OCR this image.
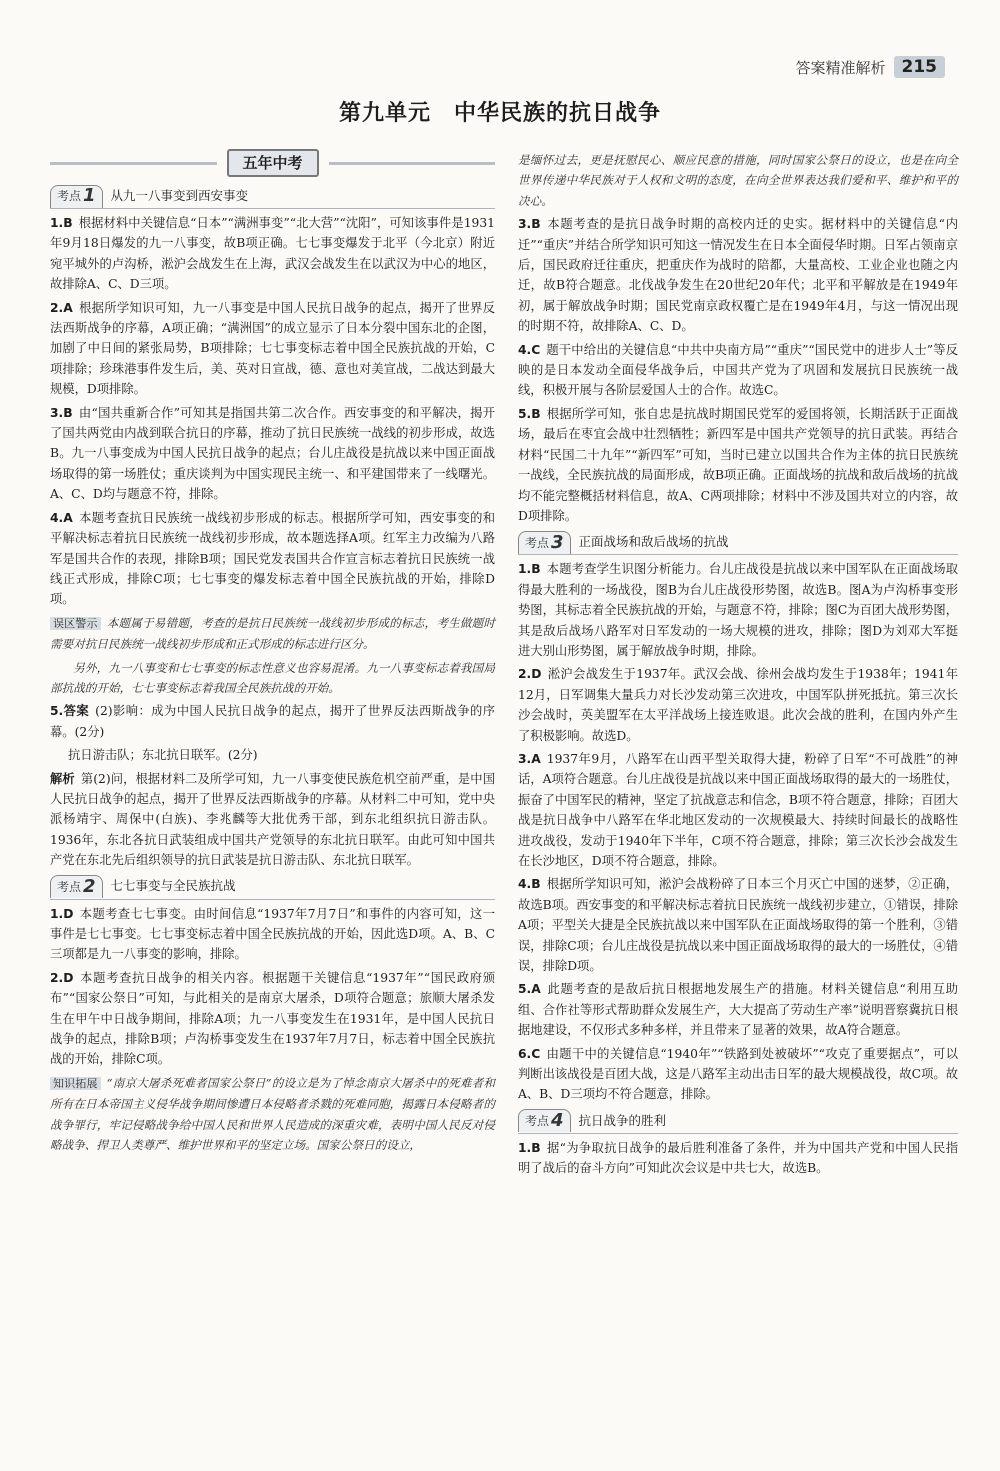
答案精准解析 215
第九单元　中华民族的抗日战争
五年中考
考点 1 从九一八事变到西安事变
1.B 根据材料中关键信息“日本”“满洲事变”“北大营”“沈阳”，可知该事件是1931年9月18日爆发的九一八事变，故B项正确。七七事变爆发于北平（今北京）附近宛平城外的卢沟桥，淞沪会战发生在上海，武汉会战发生在以武汉为中心的地区，故排除A、C、D三项。
2.A 根据所学知识可知，九一八事变是中国人民抗日战争的起点，揭开了世界反法西斯战争的序幕，A项正确；“满洲国”的成立显示了日本分裂中国东北的企图，加剧了中日间的紧张局势，B项排除；七七事变标志着中国全民族抗战的开始，C项排除；珍珠港事件发生后，美、英对日宣战，德、意也对美宣战，二战达到最大规模，D项排除。
3.B 由“国共重新合作”可知其是指国共第二次合作。西安事变的和平解决，揭开了国共两党由内战到联合抗日的序幕，推动了抗日民族统一战线的初步形成，故选B。九一八事变成为中国人民抗日战争的起点；台儿庄战役是抗战以来中国正面战场取得的第一场胜仗；重庆谈判为中国实现民主统一、和平建国带来了一线曙光。A、C、D均与题意不符，排除。
4.A 本题考查抗日民族统一战线初步形成的标志。根据所学可知，西安事变的和平解决标志着抗日民族统一战线初步形成，故本题选择A项。红军主力改编为八路军是国共合作的表现，排除B项；国民党发表国共合作宣言标志着抗日民族统一战线正式形成，排除C项；七七事变的爆发标志着中国全民族抗战的开始，排除D项。
误区警示 本题属于易错题，考查的是抗日民族统一战线初步形成的标志，考生做题时需要对抗日民族统一战线初步形成和正式形成的标志进行区分。
另外，九一八事变和七七事变的标志性意义也容易混淆。九一八事变标志着我国局部抗战的开始，七七事变标志着我国全民族抗战的开始。
5.答案 (2)影响：成为中国人民抗日战争的起点，揭开了世界反法西斯战争的序幕。(2分)
抗日游击队；东北抗日联军。(2分)
解析 第(2)问，根据材料二及所学可知，九一八事变使民族危机空前严重，是中国人民抗日战争的起点，揭开了世界反法西斯战争的序幕。从材料二中可知，党中央派杨靖宇、周保中(白族)、李兆麟等大批优秀干部，到东北组织抗日游击队。1936年，东北各抗日武装组成中国共产党领导的东北抗日联军。由此可知中国共产党在东北先后组织领导的抗日武装是抗日游击队、东北抗日联军。
考点 2 七七事变与全民族抗战
1.D 本题考查七七事变。由时间信息“1937年7月7日”和事件的内容可知，这一事件是七七事变。七七事变标志着中国全民族抗战的开始，因此选D项。A、B、C三项都是九一八事变的影响，排除。
2.D 本题考查抗日战争的相关内容。根据题干关键信息“1937年”“国民政府颁布”“国家公祭日”可知，与此相关的是南京大屠杀，D项符合题意；旅顺大屠杀发生在甲午中日战争期间，排除A项；九一八事变发生在1931年，是中国人民抗日战争的起点，排除B项；卢沟桥事变发生在1937年7月7日，标志着中国全民族抗战的开始，排除C项。
知识拓展 “南京大屠杀死难者国家公祭日”的设立是为了悼念南京大屠杀中的死难者和所有在日本帝国主义侵华战争期间惨遭日本侵略者杀戮的死难同胞，揭露日本侵略者的战争罪行，牢记侵略战争给中国人民和世界人民造成的深重灾难，表明中国人民反对侵略战争、捍卫人类尊严、维护世界和平的坚定立场。国家公祭日的设立，
是缅怀过去，更是抚慰民心、顺应民意的措施，同时国家公祭日的设立，也是在向全世界传递中华民族对于人权和文明的态度，在向全世界表达我们爱和平、维护和平的决心。
3.B 本题考查的是抗日战争时期的高校内迁的史实。据材料中的关键信息“内迁”“重庆”并结合所学知识可知这一情况发生在日本全面侵华时期。日军占领南京后，国民政府迁往重庆，把重庆作为战时的陪都，大量高校、工业企业也随之内迁，故B符合题意。北伐战争发生在20世纪20年代；北平和平解放是在1949年初，属于解放战争时期；国民党南京政权覆亡是在1949年4月，与这一情况出现的时期不符，故排除A、C、D。
4.C 题干中给出的关键信息“中共中央南方局”“重庆”“国民党中的进步人士”等反映的是日本发动全面侵华战争后，中国共产党为了巩固和发展抗日民族统一战线，积极开展与各阶层爱国人士的合作。故选C。
5.B 根据所学可知，张自忠是抗战时期国民党军的爱国将领，长期活跃于正面战场，最后在枣宜会战中壮烈牺牲；新四军是中国共产党领导的抗日武装。再结合材料“民国二十九年”“新四军”可知，当时已建立以国共合作为主体的抗日民族统一战线，全民族抗战的局面形成，故B项正确。正面战场的抗战和敌后战场的抗战均不能完整概括材料信息，故A、C两项排除；材料中不涉及国共对立的内容，故D项排除。
考点 3 正面战场和敌后战场的抗战
1.B 本题考查学生识图分析能力。台儿庄战役是抗战以来中国军队在正面战场取得最大胜利的一场战役，图B为台儿庄战役形势图，故选B。图A为卢沟桥事变形势图，其标志着全民族抗战的开始，与题意不符，排除；图C为百团大战形势图，其是敌后战场八路军对日军发动的一场大规模的进攻，排除；图D为刘邓大军挺进大别山形势图，属于解放战争时期，排除。
2.D 淞沪会战发生于1937年。武汉会战、徐州会战均发生于1938年；1941年12月，日军调集大量兵力对长沙发动第三次进攻，中国军队拼死抵抗。第三次长沙会战时，英美盟军在太平洋战场上接连败退。此次会战的胜利，在国内外产生了积极影响。故选D。
3.A 1937年9月，八路军在山西平型关取得大捷，粉碎了日军“不可战胜”的神话，A项符合题意。台儿庄战役是抗战以来中国正面战场取得的最大的一场胜仗，振奋了中国军民的精神，坚定了抗战意志和信念，B项不符合题意，排除；百团大战是抗日战争中八路军在华北地区发动的一次规模最大、持续时间最长的战略性进攻战役，发动于1940年下半年，C项不符合题意，排除；第三次长沙会战发生在长沙地区，D项不符合题意，排除。
4.B 根据所学知识可知，淞沪会战粉碎了日本三个月灭亡中国的迷梦，②正确，故选B项。西安事变的和平解决标志着抗日民族统一战线初步建立，①错误，排除A项；平型关大捷是全民族抗战以来中国军队在正面战场取得的第一个胜利，③错误，排除C项；台儿庄战役是抗战以来中国正面战场取得的最大的一场胜仗，④错误，排除D项。
5.A 此题考查的是敌后抗日根据地发展生产的措施。材料关键信息“利用互助组、合作社等形式帮助群众发展生产，大大提高了劳动生产率”说明晋察冀抗日根据地建设，不仅形式多种多样，并且带来了显著的效果，故A符合题意。
6.C 由题干中的关键信息“1940年”“铁路到处被破坏”“攻克了重要据点”，可以判断出该战役是百团大战，这是八路军主动出击日军的最大规模战役，故C项。故A、B、D三项均不符合题意，排除。
考点 4 抗日战争的胜利
1.B 据“为争取抗日战争的最后胜利准备了条件，并为中国共产党和中国人民指明了战后的奋斗方向”可知此次会议是中共七大，故选B。
